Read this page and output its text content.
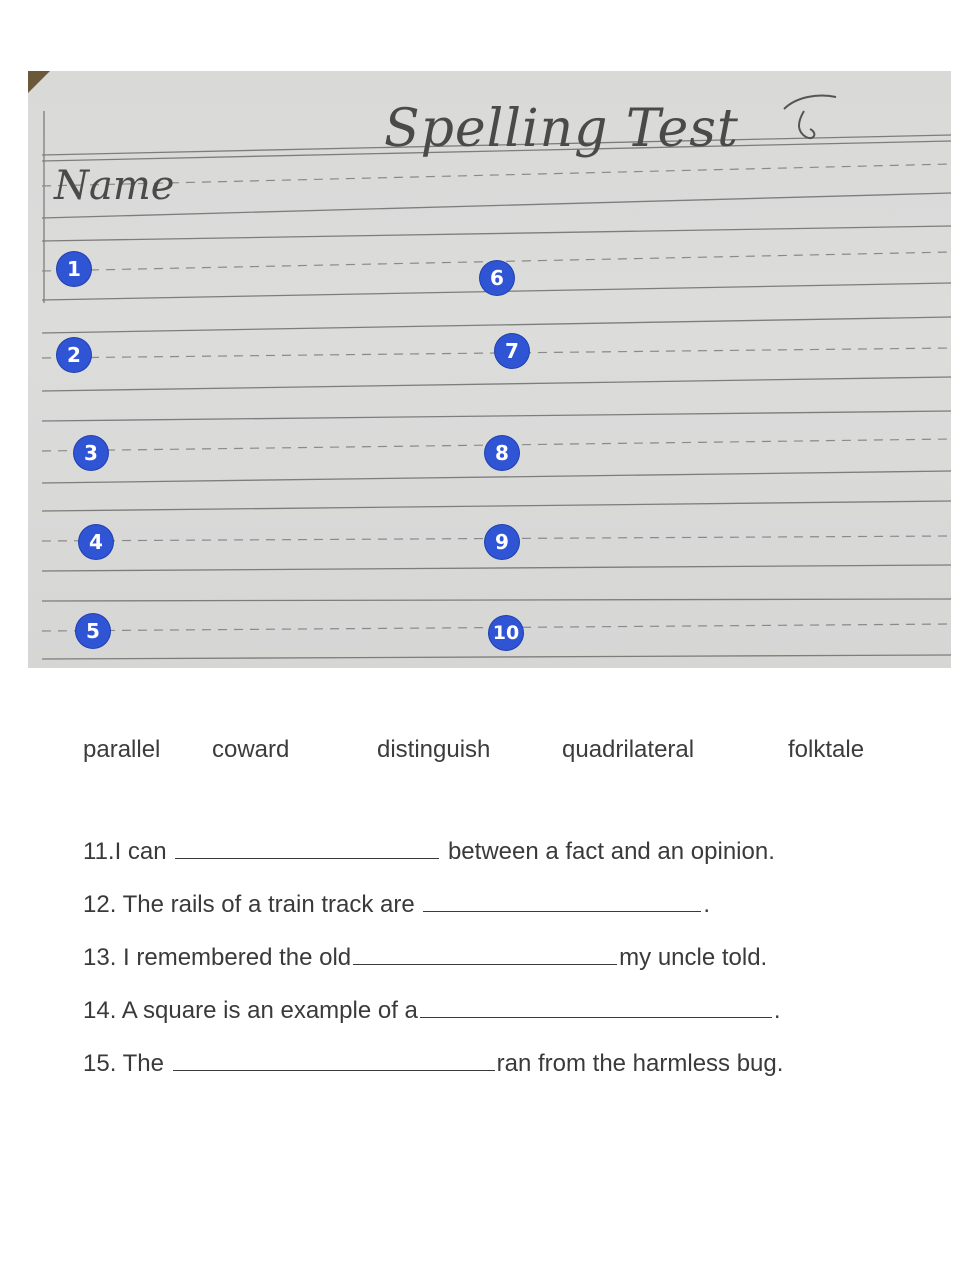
Spelling Test
Name
1
2
3
4
5
6
7
8
9
10
parallel coward	distinguish	quadrilateral	folktale
11.I can	between a fact and an opinion.
12. The rails of a train track are	.
13. I remembered the old	my uncle told.
14. A square is an example of a	.
15. The	ran from the harmless bug.
